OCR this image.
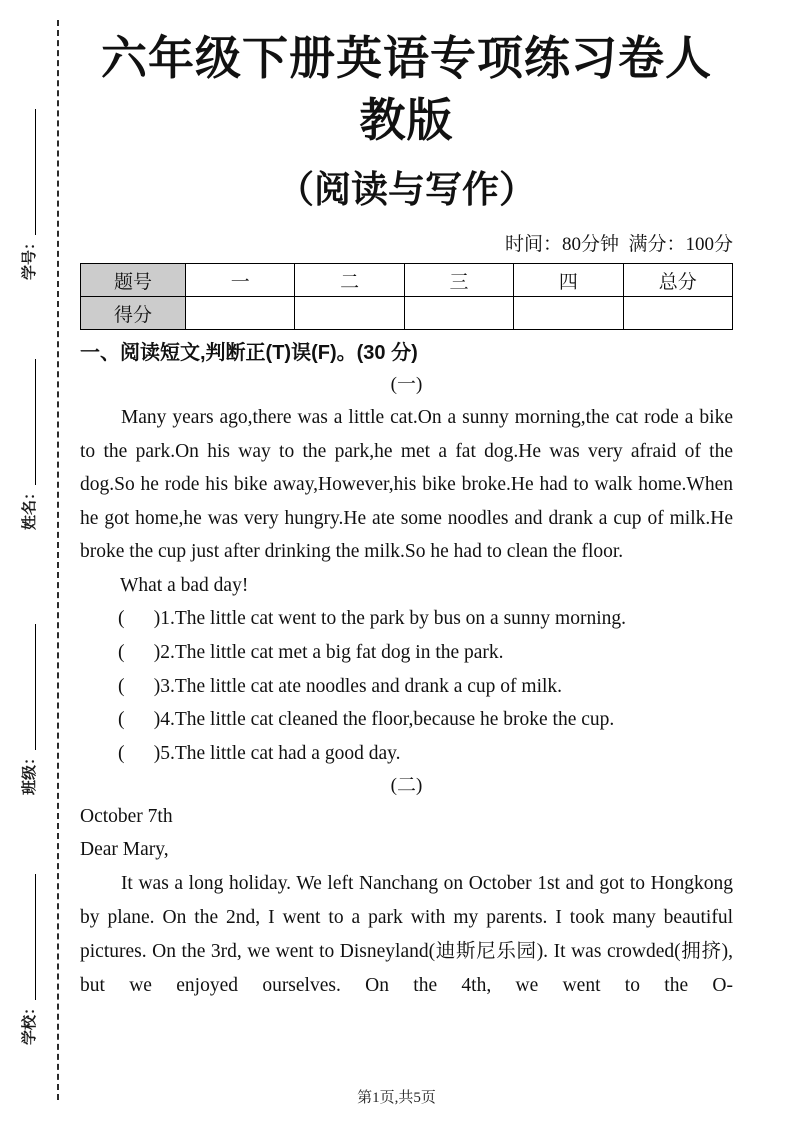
学号：
姓名：
班级：
学校：
六年级下册英语专项练习卷人教版
（阅读与写作）
时间：80分钟  满分：100分
题号	一	二	三	四	总分
得分					
一、阅读短文,判断正(T)误(F)。(30 分)
(一)

Many years ago,there was a little cat.On a sunny morning,the cat rode a bike to the park.On his way to the park,he met a fat dog.He was very afraid of the dog.So he rode his bike away,However,his bike broke.He had to walk home.When he got home,he was very hungry.He ate some noodles and drank a cup of milk.He broke the cup just after drinking the milk.So he had to clean the floor.

What a bad day!

(      )1.The little cat went to the park by bus on a sunny morning.
(      )2.The little cat met a big fat dog in the park.
(      )3.The little cat ate noodles and drank a cup of milk.
(      )4.The little cat cleaned the floor,because he broke the cup.
(      )5.The little cat had a good day.
(二)
October 7th
Dear Mary,

It was a long holiday. We left Nanchang on October 1st and got to Hongkong by plane. On the 2nd, I went to a park with my parents. I took many beautiful pictures. On the 3rd, we went to Disneyland(迪斯尼乐园). It was crowded(拥挤), but we enjoyed ourselves. On the 4th, we went to the O-

第1页,共5页
